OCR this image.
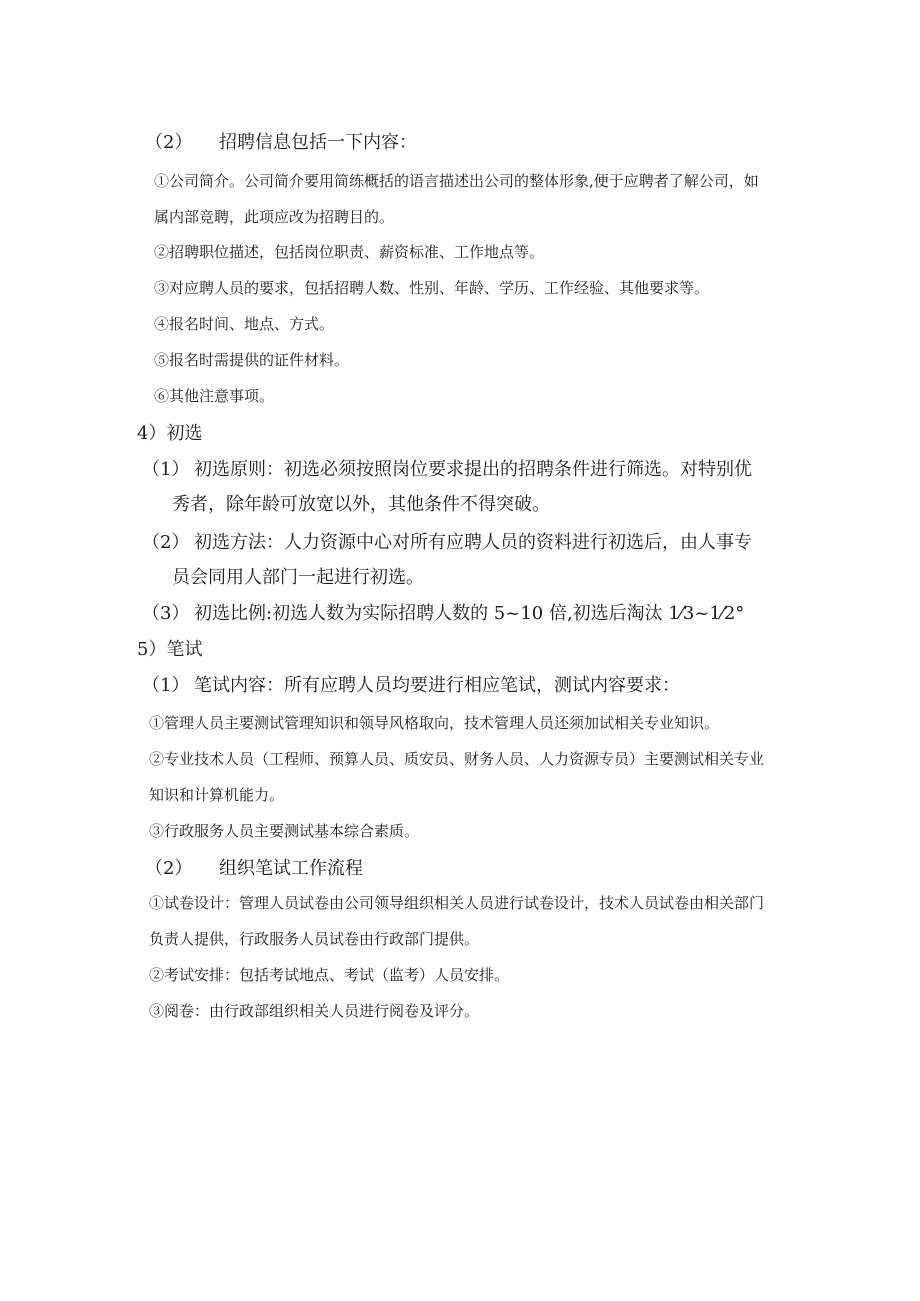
（2） 招聘信息包括一下内容：
①公司简介。公司简介要用简练概括的语言描述出公司的整体形象,便于应聘者了解公司，如
属内部竞聘，此项应改为招聘目的。
②招聘职位描述，包括岗位职责、薪资标准、工作地点等。
③对应聘人员的要求，包括招聘人数、性别、年龄、学历、工作经验、其他要求等。
④报名时间、地点、方式。
⑤报名时需提供的证件材料。
⑥其他注意事项。
4）初选
（1） 初选原则：初选必须按照岗位要求提出的招聘条件进行筛选。对特别优
秀者，除年龄可放宽以外，其他条件不得突破。
（2） 初选方法：人力资源中心对所有应聘人员的资料进行初选后，由人事专
员会同用人部门一起进行初选。
（3） 初选比例:初选人数为实际招聘人数的 5~10 倍,初选后淘汰 1⁄3~1⁄2°
5）笔试
（1） 笔试内容：所有应聘人员均要进行相应笔试，测试内容要求：
①管理人员主要测试管理知识和领导风格取向，技术管理人员还须加试相关专业知识。
②专业技术人员（工程师、预算人员、质安员、财务人员、人力资源专员）主要测试相关专业
知识和计算机能力。
③行政服务人员主要测试基本综合素质。
（2） 组织笔试工作流程
①试卷设计：管理人员试卷由公司领导组织相关人员进行试卷设计，技术人员试卷由相关部门
负责人提供，行政服务人员试卷由行政部门提供。
②考试安排：包括考试地点、考试（监考）人员安排。
③阅卷：由行政部组织相关人员进行阅卷及评分。
